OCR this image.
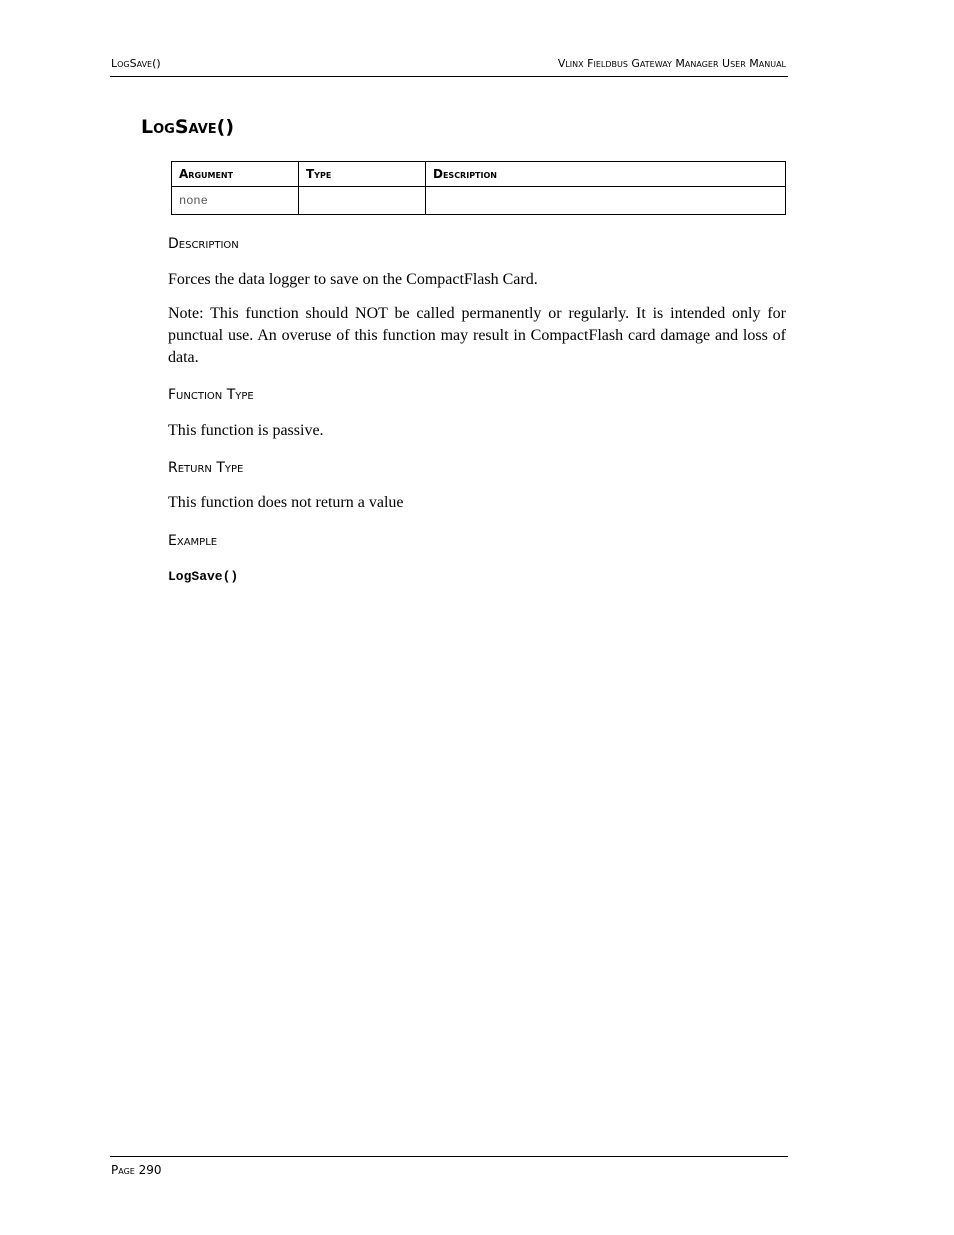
LogSave()	Vlinx Fieldbus Gateway Manager User Manual
LogSave()
Argument	Type	Description
none		
Description

Forces the data logger to save on the CompactFlash Card.

Note: This function should NOT be called permanently or regularly. It is intended only for punctual use. An overuse of this function may result in CompactFlash card damage and loss of data.

Function Type

This function is passive.

Return Type

This function does not return a value

Example
LogSave()
Page 290
